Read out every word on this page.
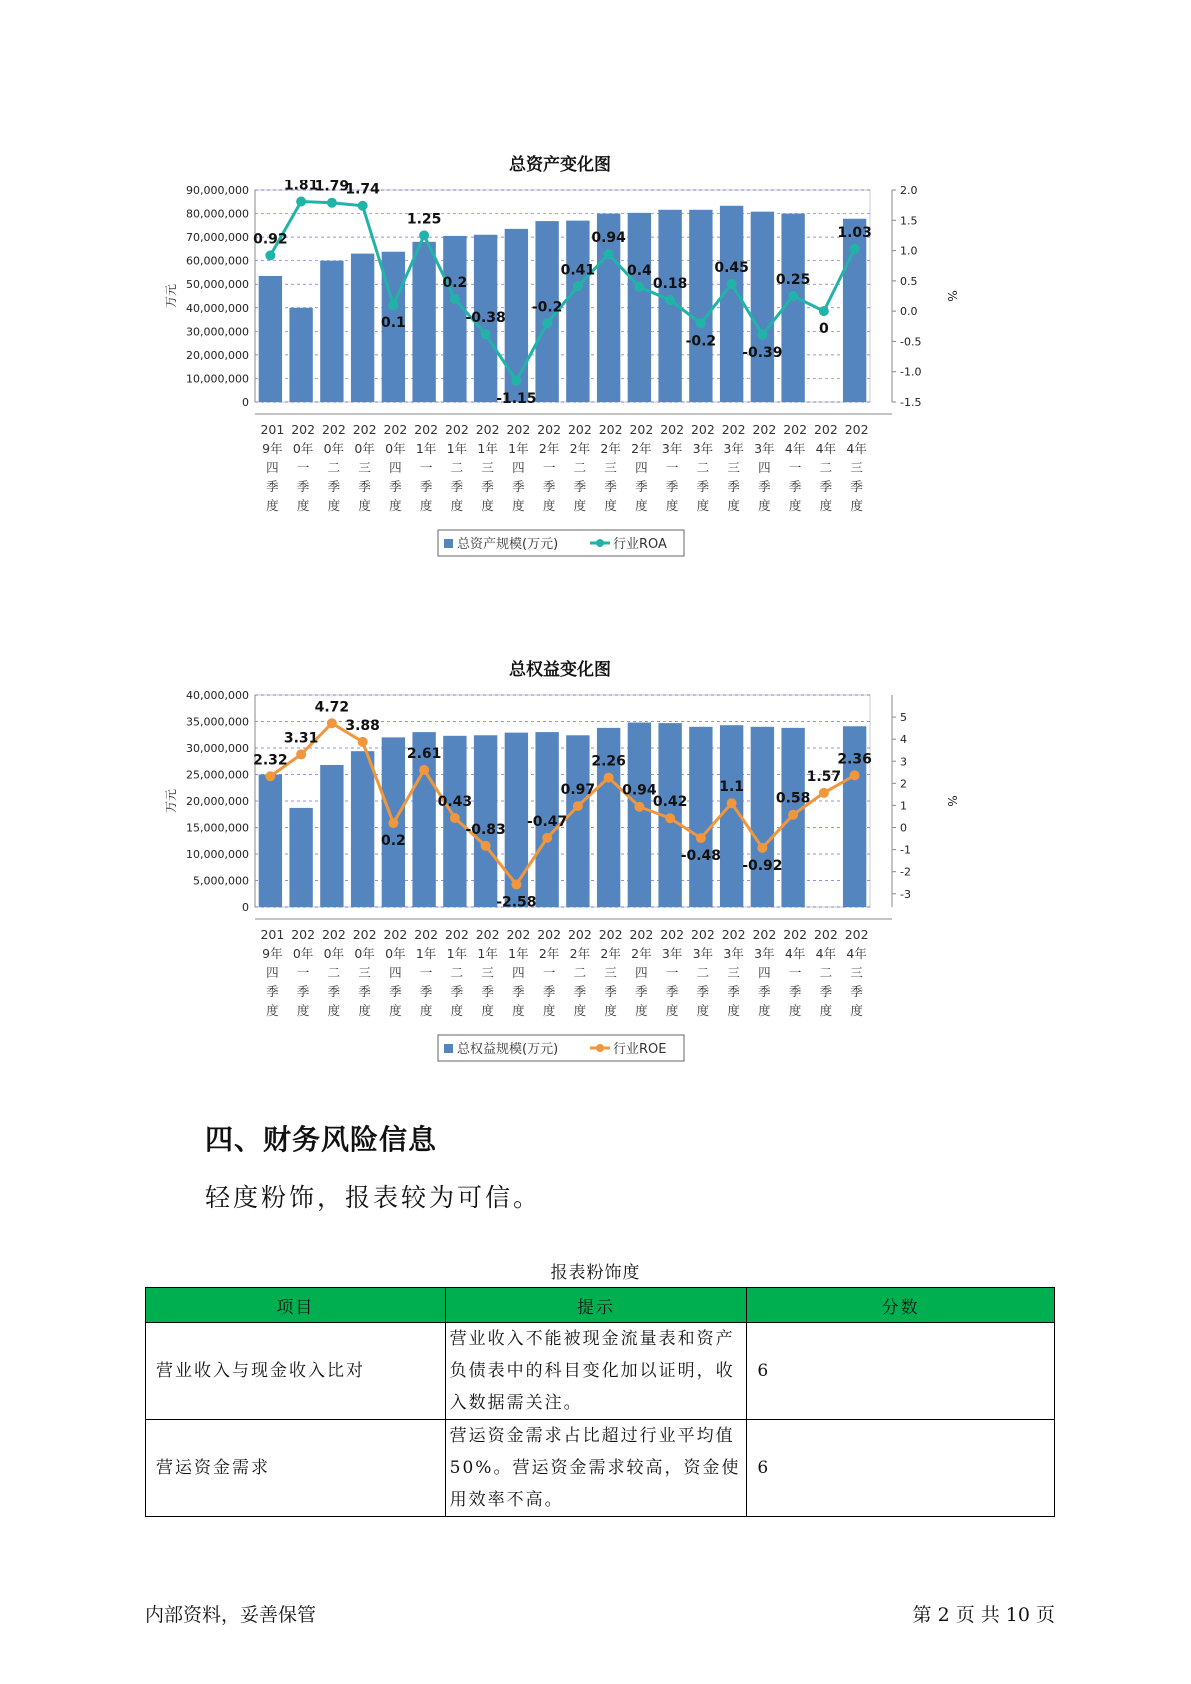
总资产变化图
0
10,000,000
20,000,000
30,000,000
40,000,000
50,000,000
60,000,000
70,000,000
80,000,000
90,000,000
-1.5
-1.0
-0.5
0.0
0.5
1.0
1.5
2.0
万元	%
0.92
1.81
1.79
1.74
0.1
1.25
0.2
-0.38
-1.15
-0.2
0.41
0.94
0.4
0.18
-0.2
0.45
-0.39
0.25
0
1.03
201
9年
四
季
度
202
0年
一
季
度
202
0年
二
季
度
202
0年
三
季
度
202
0年
四
季
度
202
1年
一
季
度
202
1年
二
季
度
202
1年
三
季
度
202
1年
四
季
度
202
2年
一
季
度
202
2年
二
季
度
202
2年
三
季
度
202
2年
四
季
度
202
3年
一
季
度
202
3年
二
季
度
202
3年
三
季
度
202
3年
四
季
度
202
4年
一
季
度
202
4年
二
季
度
202
4年
三
季
度
总资产规模(万元)	行业ROA
总权益变化图
0
5,000,000
10,000,000
15,000,000
20,000,000
25,000,000
30,000,000
35,000,000
40,000,000
-3
-2
-1
0
1
2
3
4
5
万元	%
2.32
3.31
4.72
3.88
0.2
2.61
0.43
-0.83
-2.58
-0.47
0.97
2.26
0.94
0.42
-0.48
1.1
-0.92
0.58
1.57
2.36
201
9年
四
季
度
202
0年
一
季
度
202
0年
二
季
度
202
0年
三
季
度
202
0年
四
季
度
202
1年
一
季
度
202
1年
二
季
度
202
1年
三
季
度
202
1年
四
季
度
202
2年
一
季
度
202
2年
二
季
度
202
2年
三
季
度
202
2年
四
季
度
202
3年
一
季
度
202
3年
二
季
度
202
3年
三
季
度
202
3年
四
季
度
202
4年
一
季
度
202
4年
二
季
度
202
4年
三
季
度
总权益规模(万元)	行业ROE
四、财务风险信息
轻度粉饰，报表较为可信。
报表粉饰度
项目	提示	分数
营业收入与现金收入比对	营业收入不能被现金流量表和资产负债表中的科目变化加以证明，收入数据需关注。	6
营运资金需求	营运资金需求占比超过行业平均值50%。营运资金需求较高，资金使用效率不高。	6
内部资料，妥善保管	第 2 页 共 10 页
